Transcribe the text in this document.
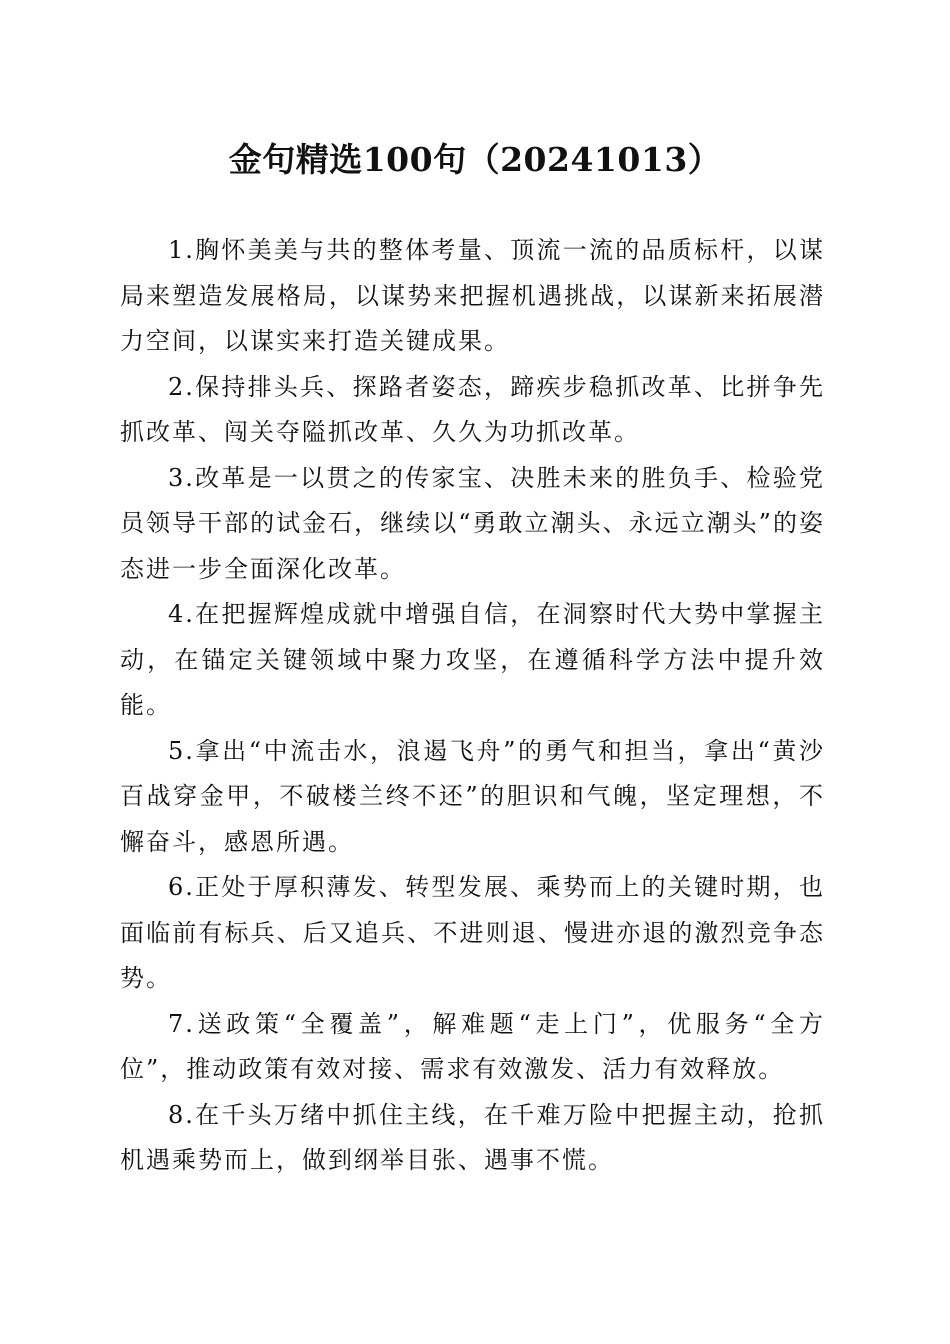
金句精选100句（20241013）

1.胸怀美美与共的整体考量、顶流一流的品质标杆，以谋局来塑造发展格局，以谋势来把握机遇挑战，以谋新来拓展潜力空间，以谋实来打造关键成果。

2.保持排头兵、探路者姿态，蹄疾步稳抓改革、比拼争先抓改革、闯关夺隘抓改革、久久为功抓改革。

3.改革是一以贯之的传家宝、决胜未来的胜负手、检验党员领导干部的试金石，继续以“勇敢立潮头、永远立潮头”的姿态进一步全面深化改革。

4.在把握辉煌成就中增强自信，在洞察时代大势中掌握主动，在锚定关键领域中聚力攻坚，在遵循科学方法中提升效能。

5.拿出“中流击水，浪遏飞舟”的勇气和担当，拿出“黄沙百战穿金甲，不破楼兰终不还”的胆识和气魄，坚定理想，不懈奋斗，感恩所遇。

6.正处于厚积薄发、转型发展、乘势而上的关键时期，也面临前有标兵、后又追兵、不进则退、慢进亦退的激烈竞争态势。

7.送政策“全覆盖”，解难题“走上门”，优服务“全方位”，推动政策有效对接、需求有效激发、活力有效释放。

8.在千头万绪中抓住主线，在千难万险中把握主动，抢抓机遇乘势而上，做到纲举目张、遇事不慌。
